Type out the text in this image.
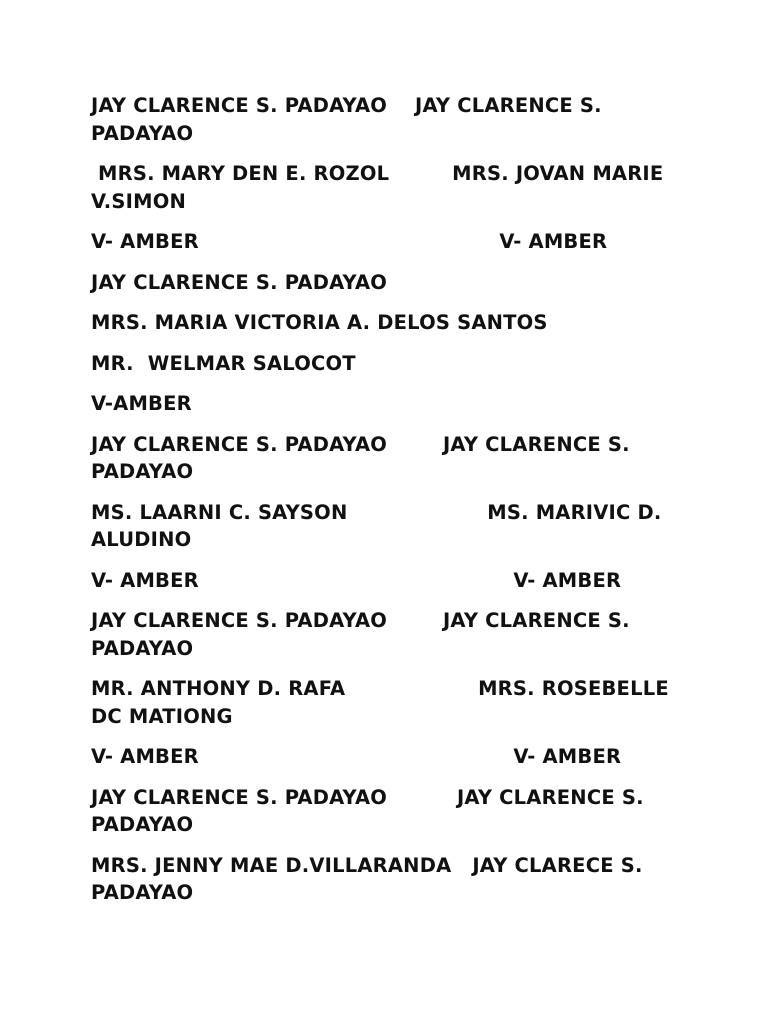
JAY CLARENCE S. PADAYAO    JAY CLARENCE S. PADAYAO

MRS. MARY DEN E. ROZOL         MRS. JOVAN MARIE V.SIMON

V- AMBER                                           V- AMBER

JAY CLARENCE S. PADAYAO

MRS. MARIA VICTORIA A. DELOS SANTOS

MR.  WELMAR SALOCOT

V-AMBER

JAY CLARENCE S. PADAYAO        JAY CLARENCE S. PADAYAO

MS. LAARNI C. SAYSON                    MS. MARIVIC D. ALUDINO

V- AMBER                                             V- AMBER

JAY CLARENCE S. PADAYAO        JAY CLARENCE S. PADAYAO

MR. ANTHONY D. RAFA                   MRS. ROSEBELLE DC MATIONG

V- AMBER                                             V- AMBER

JAY CLARENCE S. PADAYAO          JAY CLARENCE S. PADAYAO

MRS. JENNY MAE D.VILLARANDA   JAY CLARECE S. PADAYAO
